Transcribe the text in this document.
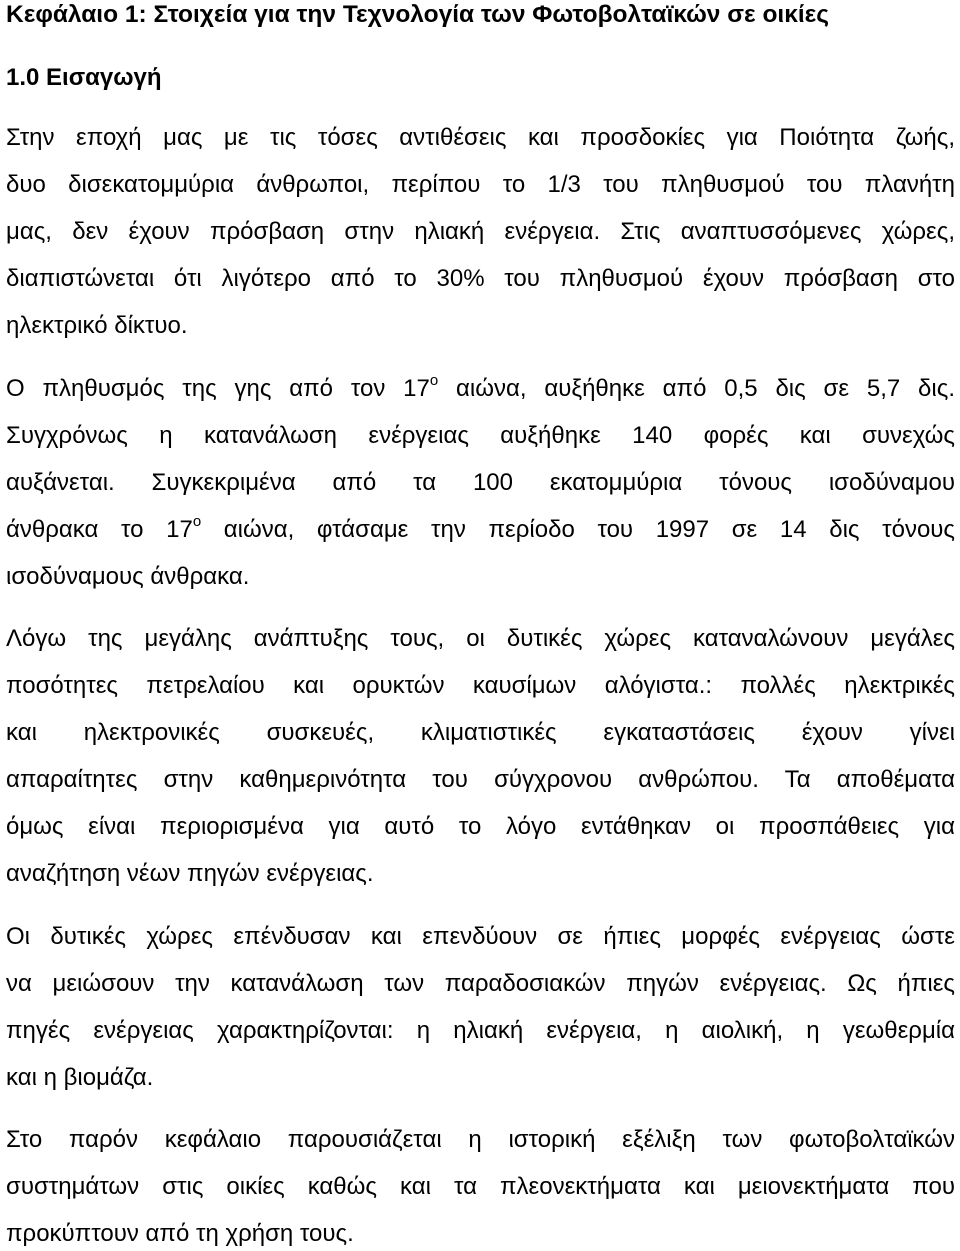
Κεφάλαιο 1: Στοιχεία για την Τεχνολογία των Φωτοβολταϊκών σε οικίες
1.0 Εισαγωγή

Στην εποχή μας με τις τόσες αντιθέσεις και προσδοκίες για Ποιότητα ζωής,

δυο δισεκατομμύρια άνθρωποι, περίπου το 1/3 του πληθυσμού του πλανήτη

μας, δεν έχουν πρόσβαση στην ηλιακή ενέργεια. Στις αναπτυσσόμενες χώρες,

διαπιστώνεται ότι λιγότερο από το 30% του πληθυσμού έχουν πρόσβαση στο

ηλεκτρικό δίκτυο.

Ο πληθυσμός της γης από τον $17^o$ αιώνα, αυξήθηκε από 0,5 δις σε 5,7 δις.

Συγχρόνως η κατανάλωση ενέργειας αυξήθηκε 140 φορές και συνεχώς

αυξάνεται. Συγκεκριμένα από τα 100 εκατομμύρια τόνους ισοδύναμου

άνθρακα το $17^o$ αιώνα, φτάσαμε την περίοδο του 1997 σε 14 δις τόνους

ισοδύναμους άνθρακα.

Λόγω της μεγάλης ανάπτυξης τους, οι δυτικές χώρες καταναλώνουν μεγάλες

ποσότητες πετρελαίου και ορυκτών καυσίμων αλόγιστα.: πολλές ηλεκτρικές

και ηλεκτρονικές συσκευές, κλιματιστικές εγκαταστάσεις έχουν γίνει

απαραίτητες στην καθημερινότητα του σύγχρονου ανθρώπου. Τα αποθέματα

όμως είναι περιορισμένα για αυτό το λόγο εντάθηκαν οι προσπάθειες για

αναζήτηση νέων πηγών ενέργειας.

Οι δυτικές χώρες επένδυσαν και επενδύουν σε ήπιες μορφές ενέργειας ώστε

να μειώσουν την κατανάλωση των παραδοσιακών πηγών ενέργειας. Ως ήπιες

πηγές ενέργειας χαρακτηρίζονται: η ηλιακή ενέργεια, η αιολική, η γεωθερμία

και η βιομάζα.

Στο παρόν κεφάλαιο παρουσιάζεται η ιστορική εξέλιξη των φωτοβολταϊκών

συστημάτων στις οικίες καθώς και τα πλεονεκτήματα και μειονεκτήματα που

προκύπτουν από τη χρήση τους.
